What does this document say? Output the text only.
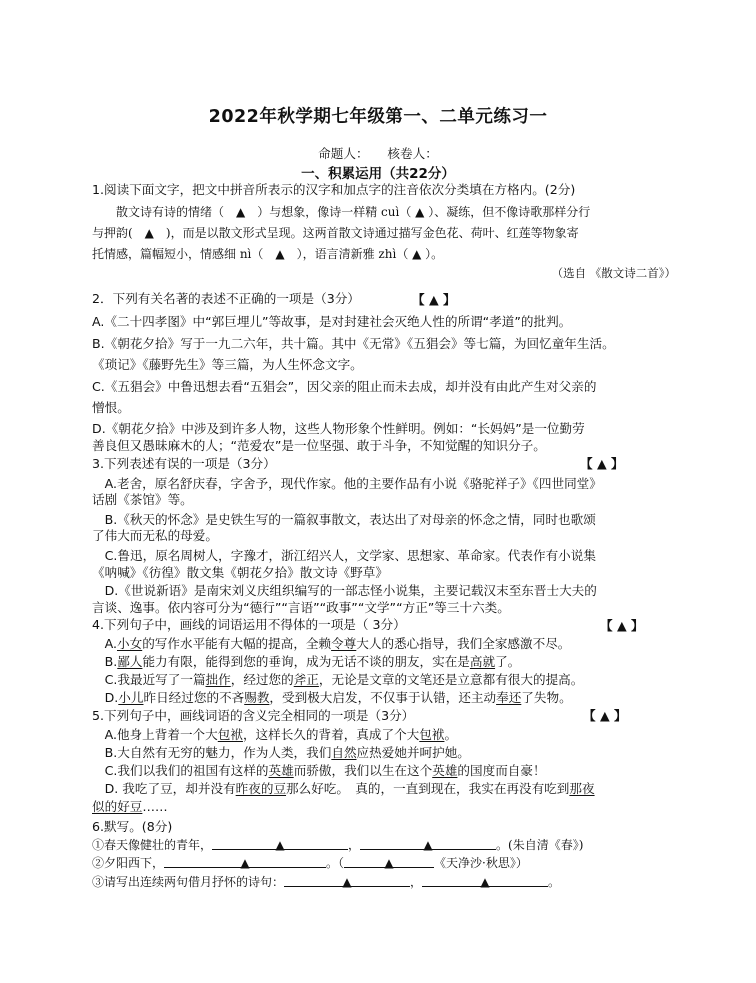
2022年秋学期七年级第一、二单元练习一
命题人：　　核卷人：
一、积累运用（共22分）
1.阅读下面文字，把文中拼音所表示的汉字和加点字的注音依次分类填在方格内。(2分)
　　散文诗有诗的情绪（　▲　）与想象，像诗一样精 cuì（ ▲ ）、凝练，但不像诗歌那样分行
与押韵(　▲　)，而是以散文形式呈现。这两首散文诗通过描写金色花、荷叶、红莲等物象寄
托情感，篇幅短小，情感细 nì（　▲　），语言清新雅 zhì（ ▲ ）。
（选自 《散文诗二首》）
2．下列有关名著的表述不正确的一项是（3分）	【 ▲ 】
A.《二十四孝图》中“郭巨埋儿”等故事，是对封建社会灭绝人性的所谓“孝道”的批判。
B.《朝花夕拾》写于一九二六年，共十篇。其中《无常》《五猖会》等七篇，为回忆童年生活。
《琐记》《藤野先生》等三篇，为人生怀念文字。
C.《五猖会》中鲁迅想去看“五猖会”，因父亲的阻止而未去成，却并没有由此产生对父亲的
憎恨。
D.《朝花夕拾》中涉及到许多人物，这些人物形象个性鲜明。例如：“长妈妈”是一位勤劳
善良但又愚昧麻木的人；“范爱农”是一位坚强、敢于斗争，不知觉醒的知识分子。
3.下列表述有误的一项是（3分）	【 ▲ 】
　A.老舍，原名舒庆春，字舍予，现代作家。他的主要作品有小说《骆驼祥子》《四世同堂》
话剧《茶馆》等。
　B.《秋天的怀念》是史铁生写的一篇叙事散文，表达出了对母亲的怀念之情，同时也歌颂
了伟大而无私的母爱。
　C.鲁迅，原名周树人，字豫才，浙江绍兴人，文学家、思想家、革命家。代表作有小说集
《呐喊》《彷徨》散文集《朝花夕拾》散文诗《野草》
　D.《世说新语》是南宋刘义庆组织编写的一部志怪小说集，主要记载汉末至东晋士大夫的
言谈、逸事。依内容可分为“德行”“言语”“政事”“文学”“方正”等三十六类。
4.下列句子中，画线的词语运用不得体的一项是（ 3分）	【 ▲ 】
　A.小女的写作水平能有大幅的提高，全赖令尊大人的悉心指导，我们全家感激不尽。
　B.鄙人能力有限，能得到您的垂询，成为无话不谈的朋友，实在是高就了。
　C.我最近写了一篇拙作，经过您的斧正，无论是文章的文笔还是立意都有很大的提高。
　D.小儿昨日经过您的不吝赐教，受到极大启发，不仅事于认错，还主动奉还了失物。
5.下列句子中，画线词语的含义完全相同的一项是（3分）	【 ▲ 】
　A.他身上背着一个大包袱，这样长久的背着，真成了个大包袱。
　B.大自然有无穷的魅力，作为人类，我们自然应热爱她并呵护她。
　C.我们以我们的祖国有这样的英雄而骄傲，我们以生在这个英雄的国度而自豪！
　D. 我吃了豆，却并没有昨夜的豆那么好吃。　真的，一直到现在，我实在再没有吃到那夜
似的好豆……
6.默写。(8分)
①春天像健壮的青年，	▲	，	▲	。(朱自清《春》)
②夕阳西下，	▲	。（	▲	《天净沙·秋思》）
③请写出连续两句借月抒怀的诗句：	▲	，	▲	。
